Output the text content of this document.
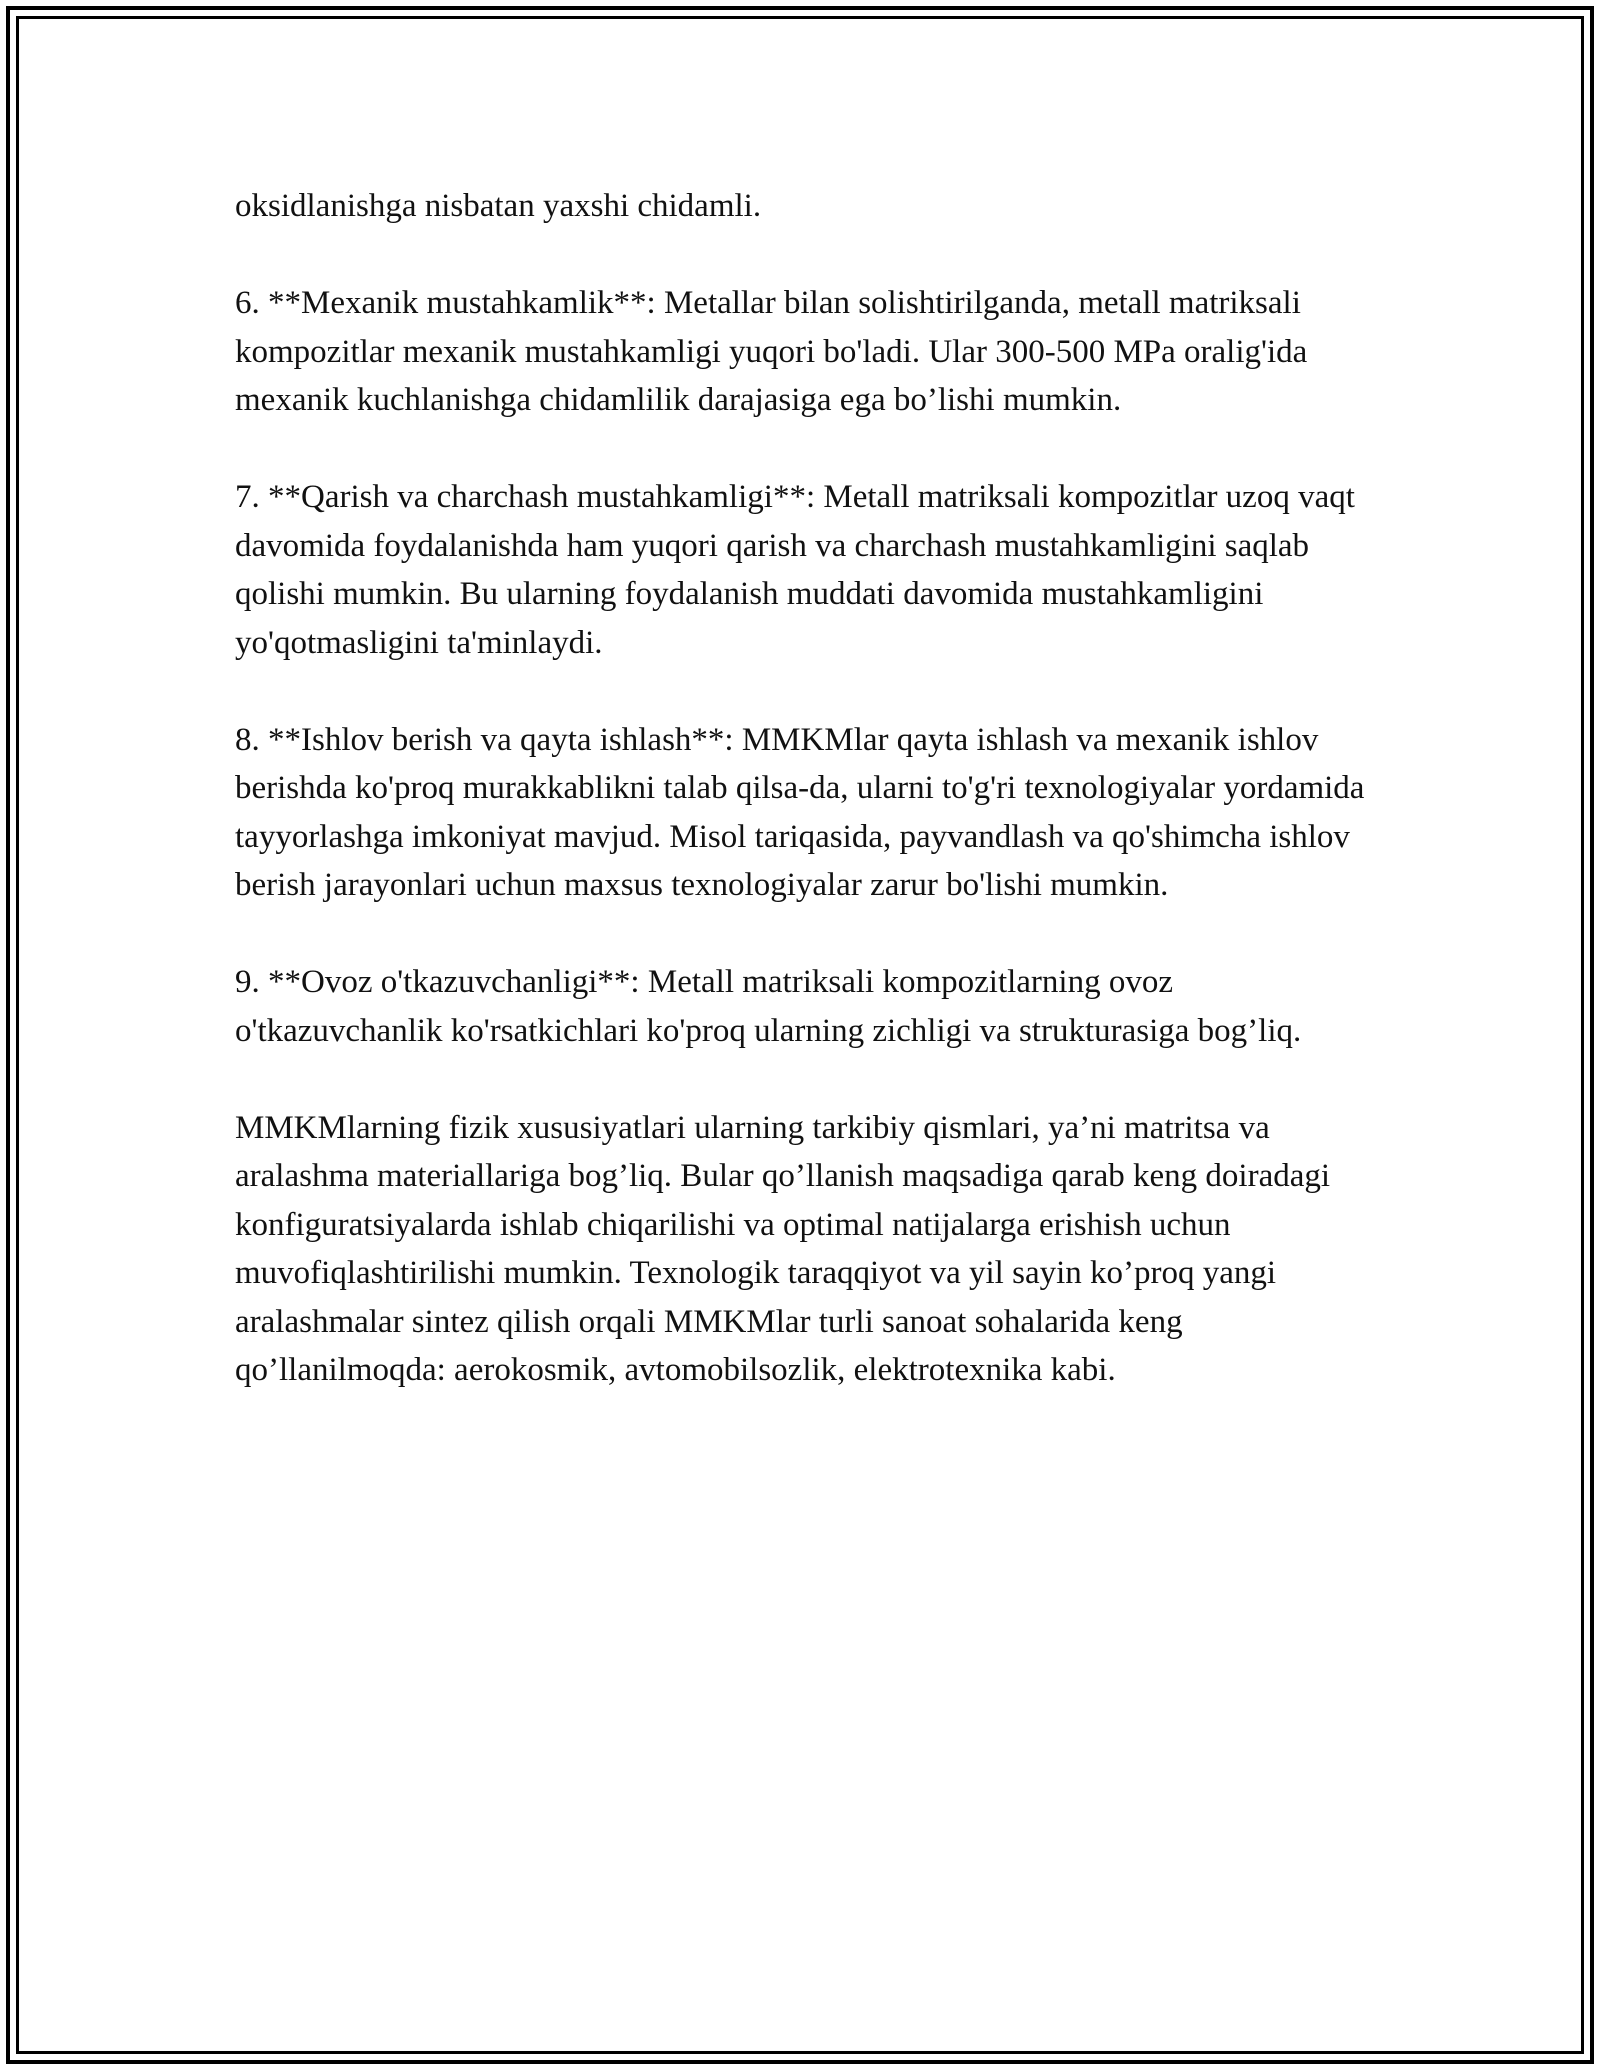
oksidlanishga nisbatan yaxshi chidamli.

6. **Mexanik mustahkamlik**: Metallar bilan solishtirilganda, metall matriksali kompozitlar mexanik mustahkamligi yuqori bo'ladi. Ular 300-500 MPa oralig'ida mexanik kuchlanishga chidamlilik darajasiga ega bo’lishi mumkin.

7. **Qarish va charchash mustahkamligi**: Metall matriksali kompozitlar uzoq vaqt davomida foydalanishda ham yuqori qarish va charchash mustahkamligini saqlab qolishi mumkin. Bu ularning foydalanish muddati davomida mustahkamligini yo'qotmasligini ta'minlaydi.

8. **Ishlov berish va qayta ishlash**: MMKMlar qayta ishlash va mexanik ishlov berishda ko'proq murakkablikni talab qilsa-da, ularni to'g'ri texnologiyalar yordamida tayyorlashga imkoniyat mavjud. Misol tariqasida, payvandlash va qo'shimcha ishlov berish jarayonlari uchun maxsus texnologiyalar zarur bo'lishi mumkin.

9. **Ovoz o'tkazuvchanligi**: Metall matriksali kompozitlarning ovoz o'tkazuvchanlik ko'rsatkichlari ko'proq ularning zichligi va strukturasiga bog’liq.

MMKMlarning fizik xususiyatlari ularning tarkibiy qismlari, ya’ni matritsa va aralashma materiallariga bog’liq. Bular qo’llanish maqsadiga qarab keng doiradagi konfiguratsiyalarda ishlab chiqarilishi va optimal natijalarga erishish uchun muvofiqlashtirilishi mumkin. Texnologik taraqqiyot va yil sayin ko’proq yangi aralashmalar sintez qilish orqali MMKMlar turli sanoat sohalarida keng qo’llanilmoqda: aerokosmik, avtomobilsozlik, elektrotexnika kabi.
